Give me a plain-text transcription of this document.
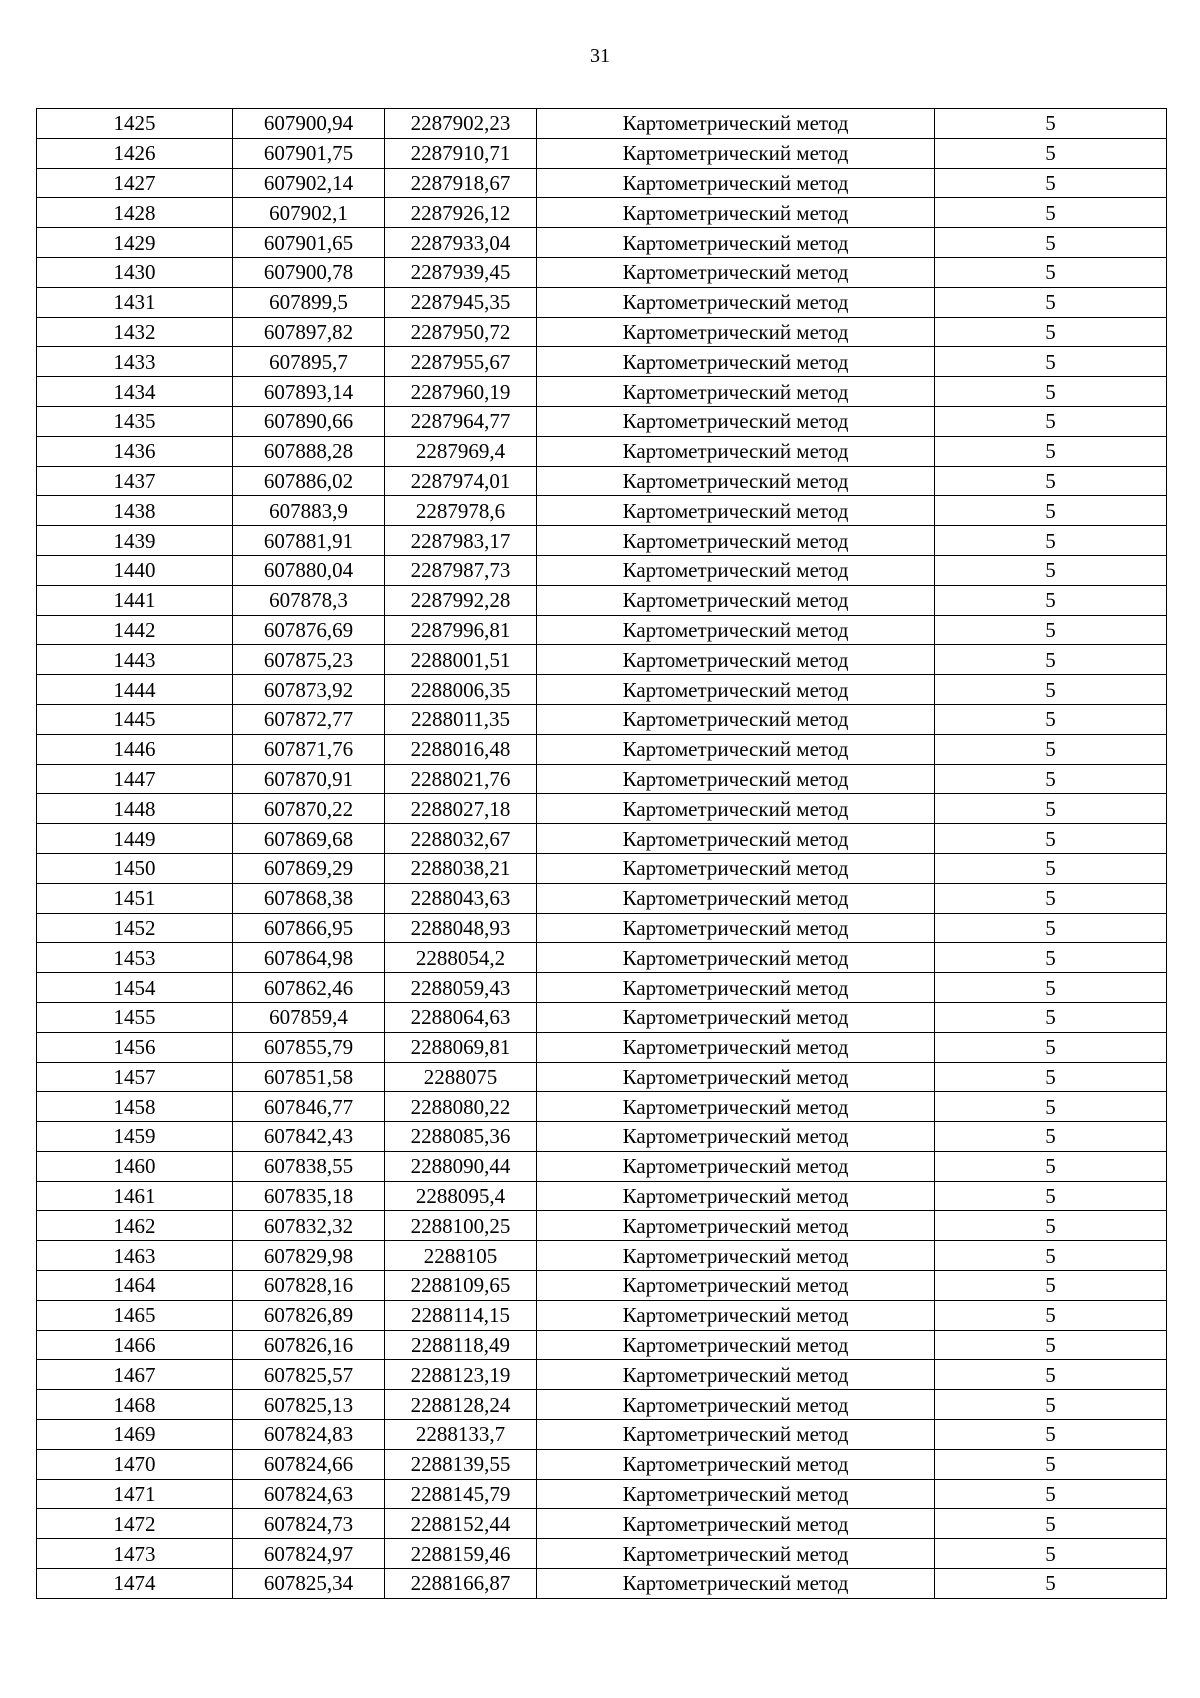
31
1425	607900,94	2287902,23	Картометрический метод	5
1426	607901,75	2287910,71	Картометрический метод	5
1427	607902,14	2287918,67	Картометрический метод	5
1428	607902,1	2287926,12	Картометрический метод	5
1429	607901,65	2287933,04	Картометрический метод	5
1430	607900,78	2287939,45	Картометрический метод	5
1431	607899,5	2287945,35	Картометрический метод	5
1432	607897,82	2287950,72	Картометрический метод	5
1433	607895,7	2287955,67	Картометрический метод	5
1434	607893,14	2287960,19	Картометрический метод	5
1435	607890,66	2287964,77	Картометрический метод	5
1436	607888,28	2287969,4	Картометрический метод	5
1437	607886,02	2287974,01	Картометрический метод	5
1438	607883,9	2287978,6	Картометрический метод	5
1439	607881,91	2287983,17	Картометрический метод	5
1440	607880,04	2287987,73	Картометрический метод	5
1441	607878,3	2287992,28	Картометрический метод	5
1442	607876,69	2287996,81	Картометрический метод	5
1443	607875,23	2288001,51	Картометрический метод	5
1444	607873,92	2288006,35	Картометрический метод	5
1445	607872,77	2288011,35	Картометрический метод	5
1446	607871,76	2288016,48	Картометрический метод	5
1447	607870,91	2288021,76	Картометрический метод	5
1448	607870,22	2288027,18	Картометрический метод	5
1449	607869,68	2288032,67	Картометрический метод	5
1450	607869,29	2288038,21	Картометрический метод	5
1451	607868,38	2288043,63	Картометрический метод	5
1452	607866,95	2288048,93	Картометрический метод	5
1453	607864,98	2288054,2	Картометрический метод	5
1454	607862,46	2288059,43	Картометрический метод	5
1455	607859,4	2288064,63	Картометрический метод	5
1456	607855,79	2288069,81	Картометрический метод	5
1457	607851,58	2288075	Картометрический метод	5
1458	607846,77	2288080,22	Картометрический метод	5
1459	607842,43	2288085,36	Картометрический метод	5
1460	607838,55	2288090,44	Картометрический метод	5
1461	607835,18	2288095,4	Картометрический метод	5
1462	607832,32	2288100,25	Картометрический метод	5
1463	607829,98	2288105	Картометрический метод	5
1464	607828,16	2288109,65	Картометрический метод	5
1465	607826,89	2288114,15	Картометрический метод	5
1466	607826,16	2288118,49	Картометрический метод	5
1467	607825,57	2288123,19	Картометрический метод	5
1468	607825,13	2288128,24	Картометрический метод	5
1469	607824,83	2288133,7	Картометрический метод	5
1470	607824,66	2288139,55	Картометрический метод	5
1471	607824,63	2288145,79	Картометрический метод	5
1472	607824,73	2288152,44	Картометрический метод	5
1473	607824,97	2288159,46	Картометрический метод	5
1474	607825,34	2288166,87	Картометрический метод	5
